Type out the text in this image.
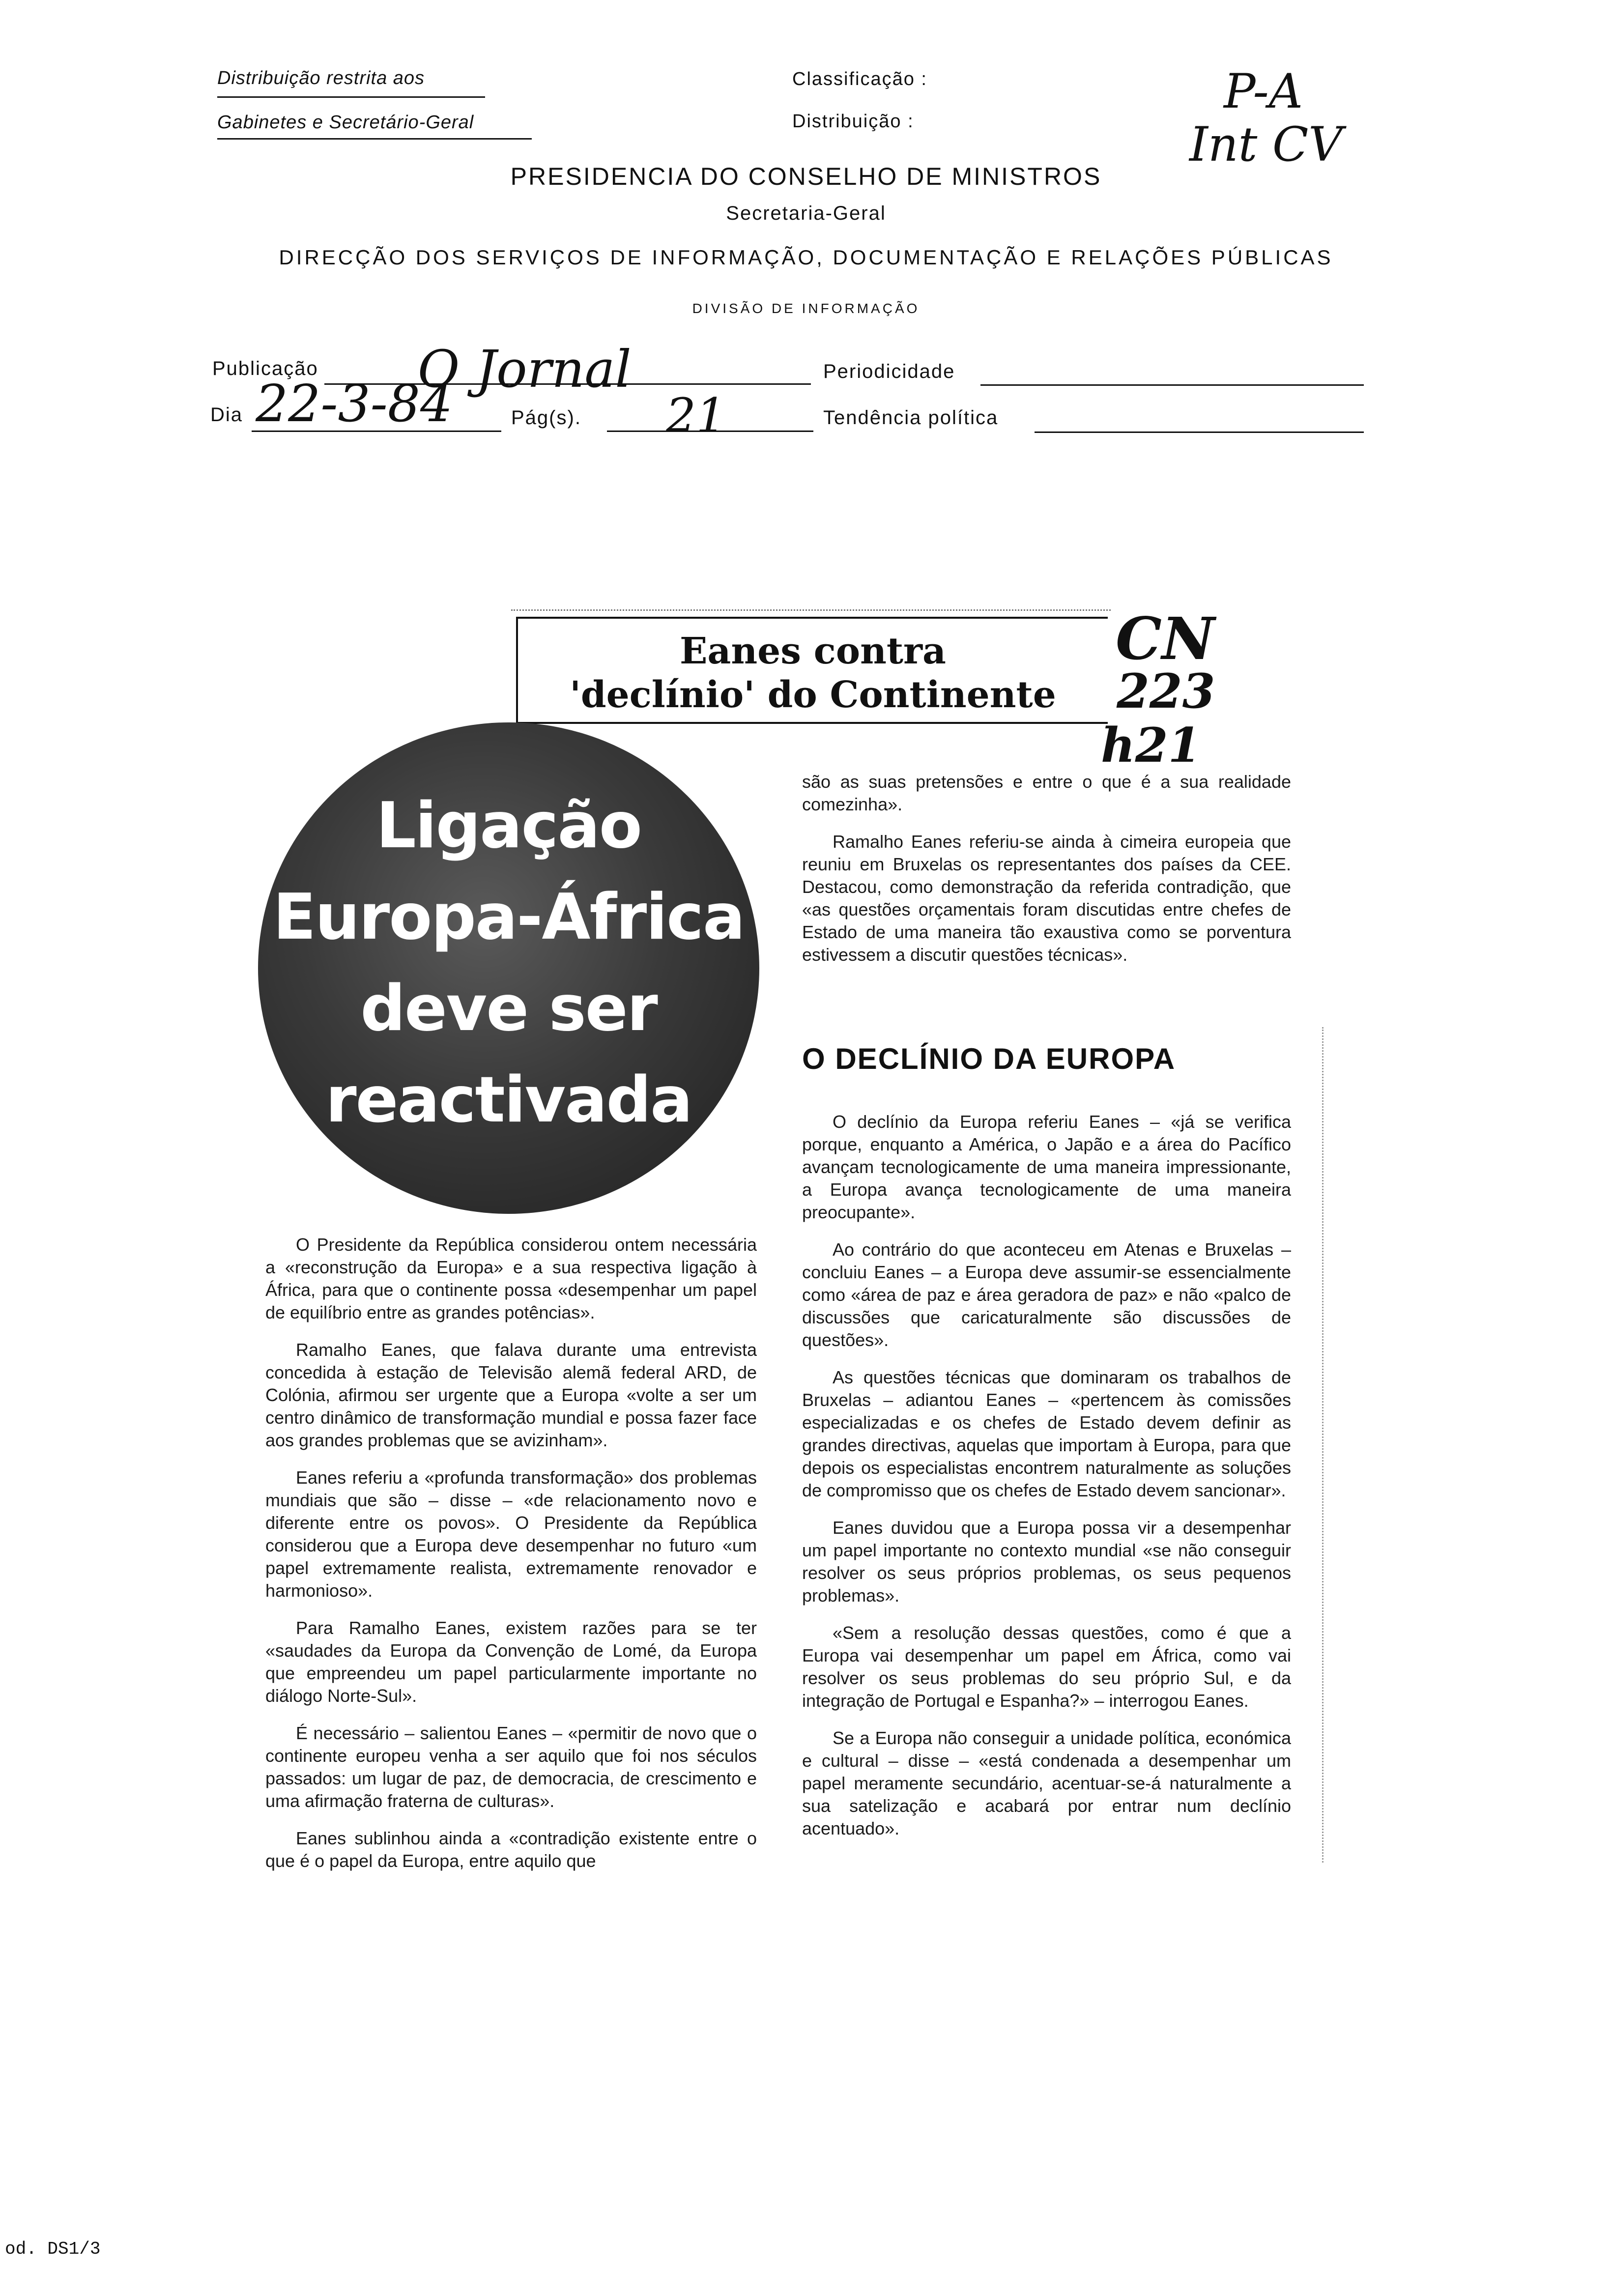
Distribuição restrita aos
Gabinetes e Secretário-Geral
Classificação :
Distribuição :
P-A
Int CV
PRESIDENCIA DO CONSELHO DE MINISTROS
Secretaria-Geral
DIRECÇÃO DOS SERVIÇOS DE INFORMAÇÃO, DOCUMENTAÇÃO E RELAÇÕES PÚBLICAS
DIVISÃO DE INFORMAÇÃO
Publicação O Jornal	Periodicidade
Dia 22-3-84	Pág(s). 21	Tendência política
Eanes contra
'declínio' do Continente
CN
223
h21
Ligação
Europa-África
deve ser
reactivada

O Presidente da República considerou ontem necessária a «reconstrução da Europa» e a sua respectiva ligação à África, para que o continente possa «desempenhar um papel de equilíbrio entre as grandes potências».

Ramalho Eanes, que falava durante uma entrevista concedida à estação de Televisão alemã federal ARD, de Colónia, afirmou ser urgente que a Europa «volte a ser um centro dinâmico de transformação mundial e possa fazer face aos grandes problemas que se avizinham».

Eanes referiu a «profunda transformação» dos problemas mundiais que são – disse – «de relacionamento novo e diferente entre os povos». O Presidente da República considerou que a Europa deve desempenhar no futuro «um papel extremamente realista, extremamente renovador e harmonioso».

Para Ramalho Eanes, existem razões para se ter «saudades da Europa da Convenção de Lomé, da Europa que empreendeu um papel particularmente importante no diálogo Norte-Sul».

É necessário – salientou Eanes – «permitir de novo que o continente europeu venha a ser aquilo que foi nos séculos passados: um lugar de paz, de democracia, de crescimento e uma afirmação fraterna de culturas».

Eanes sublinhou ainda a «contradição existente entre o que é o papel da Europa, entre aquilo que

são as suas pretensões e entre o que é a sua realidade comezinha».

Ramalho Eanes referiu-se ainda à cimeira europeia que reuniu em Bruxelas os representantes dos países da CEE. Destacou, como demonstração da referida contradição, que «as questões orçamentais foram discutidas entre chefes de Estado de uma maneira tão exaustiva como se porventura estivessem a discutir questões técnicas».

O DECLÍNIO DA EUROPA

O declínio da Europa referiu Eanes – «já se verifica porque, enquanto a América, o Japão e a área do Pacífico avançam tecnologicamente de uma maneira impressionante, a Europa avança tecnologicamente de uma maneira preocupante».

Ao contrário do que aconteceu em Atenas e Bruxelas – concluiu Eanes – a Europa deve assumir-se essencialmente como «área de paz e área geradora de paz» e não «palco de discussões que caricaturalmente são discussões de questões».

As questões técnicas que dominaram os trabalhos de Bruxelas – adiantou Eanes – «pertencem às comissões especializadas e os chefes de Estado devem definir as grandes directivas, aquelas que importam à Europa, para que depois os especialistas encontrem naturalmente as soluções de compromisso que os chefes de Estado devem sancionar».

Eanes duvidou que a Europa possa vir a desempenhar um papel importante no contexto mundial «se não conseguir resolver os seus próprios problemas, os seus pequenos problemas».

«Sem a resolução dessas questões, como é que a Europa vai desempenhar um papel em África, como vai resolver os seus problemas do seu próprio Sul, e da integração de Portugal e Espanha?» – interrogou Eanes.

Se a Europa não conseguir a unidade política, económica e cultural – disse – «está condenada a desempenhar um papel meramente secundário, acentuar-se-á naturalmente a sua satelização e acabará por entrar num declínio acentuado».

od. DS1/3
